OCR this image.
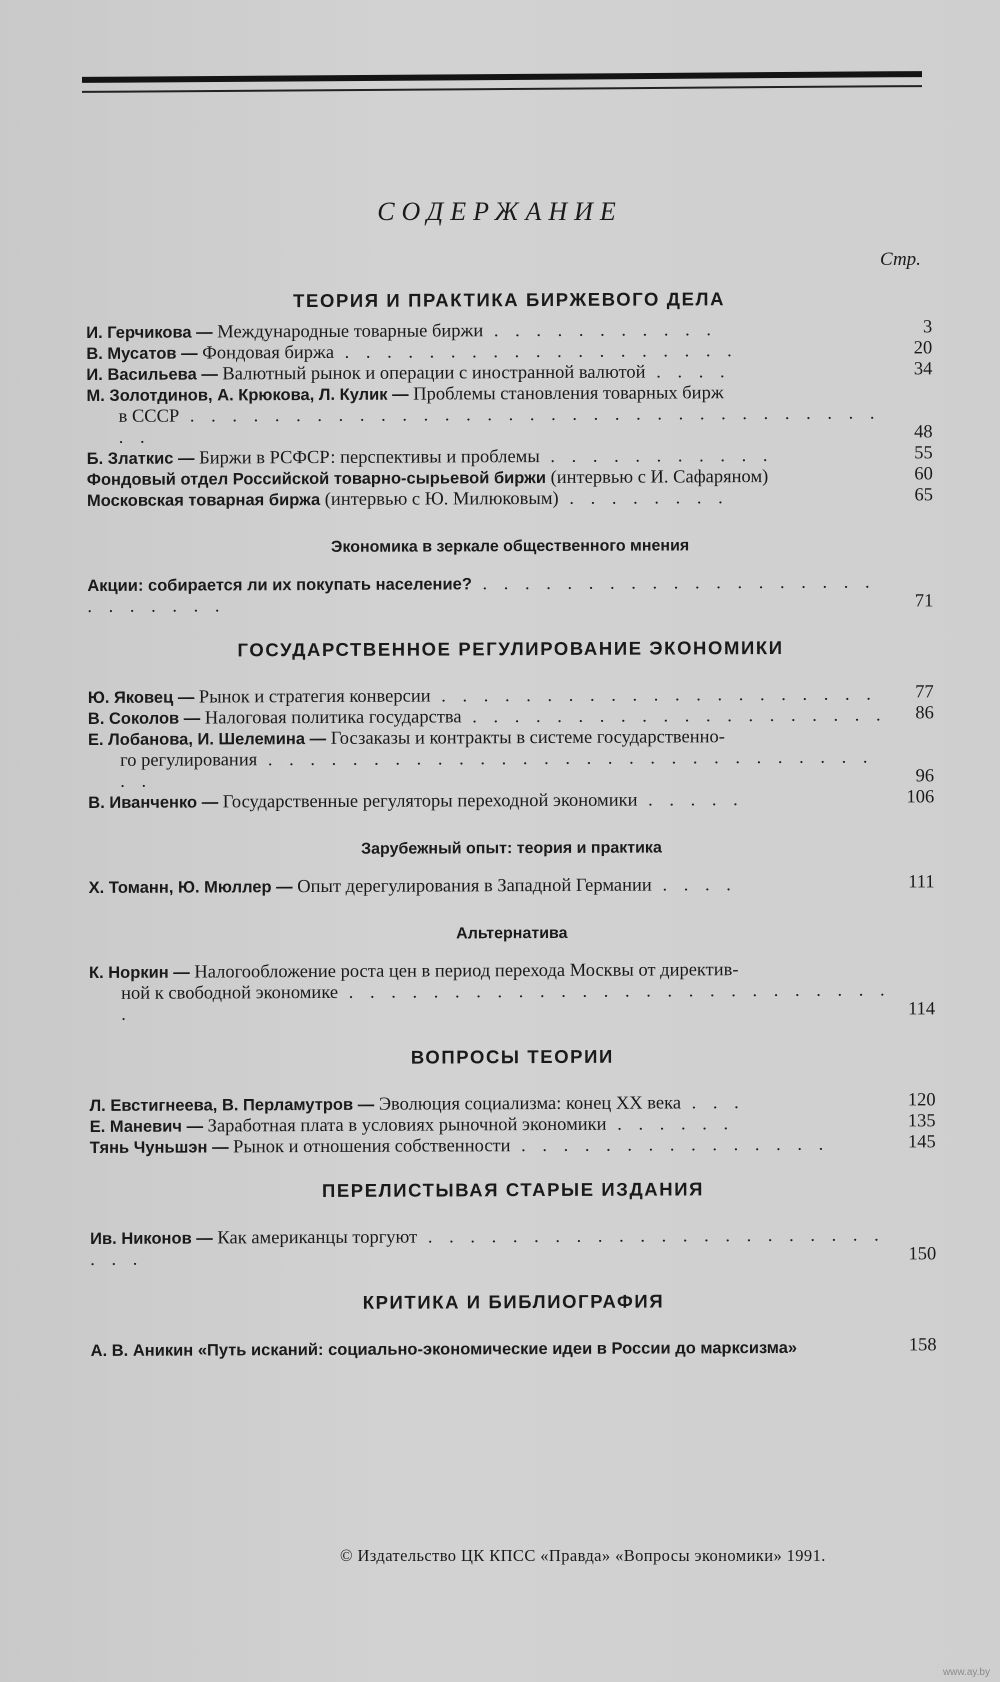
СОДЕРЖАНИЕ
Стр.
ТЕОРИЯ И ПРАКТИКА БИРЖЕВОГО ДЕЛА

И. Герчикова — Международные товарные биржи . . . . . . . . . . .	3

В. Мусатов — Фондовая биржа . . . . . . . . . . . . . . . . . . .	20

И. Васильева — Валютный рынок и операции с иностранной валютой . . . .	34

М. Золотдинов, А. Крюкова, Л. Кулик — Проблемы становления товарных бирж
в СССР . . . . . . . . . . . . . . . . . . . . . . . . . . . . . . . . . . .	48

Б. Златкис — Биржи в РСФСР: перспективы и проблемы . . . . . . . . . . .	55

Фондовый отдел Российской товарно-сырьевой биржи (интервью с И. Сафаряном)	60

Московская товарная биржа (интервью с Ю. Милюковым) . . . . . . . .	65

Экономика в зеркале общественного мнения

Акции: собирается ли их покупать население? . . . . . . . . . . . . . . . . . . . . . . . . . .	71

ГОСУДАРСТВЕННОЕ РЕГУЛИРОВАНИЕ ЭКОНОМИКИ

Ю. Яковец — Рынок и стратегия конверсии . . . . . . . . . . . . . . . . . . . . . 77

В. Соколов — Налоговая политика государства . . . . . . . . . . . . . . . . . . . . 86

Е. Лобанова, И. Шелемина — Госзаказы и контракты в системе государственно-
го регулирования . . . . . . . . . . . . . . . . . . . . . . . . . . . . . . .	96

В. Иванченко — Государственные регуляторы переходной экономики . . . . .	106

Зарубежный опыт: теория и практика

Х. Томанн, Ю. Мюллер — Опыт дерегулирования в Западной Германии . . . .	111

Альтернатива

К. Норкин — Налогообложение роста цен в период перехода Москвы от директив-
ной к свободной экономике . . . . . . . . . . . . . . . . . . . . . . . . . . .	114

ВОПРОСЫ ТЕОРИИ

Л. Евстигнеева, В. Перламутров — Эволюция социализма: конец XX века . . .	120

Е. Маневич — Заработная плата в условиях рыночной экономики . . . . . .	135

Тянь Чуньшэн — Рынок и отношения собственности . . . . . . . . . . . . . . .	145

ПЕРЕЛИСТЫВАЯ СТАРЫЕ ИЗДАНИЯ

Ив. Никонов — Как американцы торгуют . . . . . . . . . . . . . . . . . . . . . . . . .	150

КРИТИКА И БИБЛИОГРАФИЯ

А. В. Аникин «Путь исканий: социально-экономические идеи в России до марксизма»	158

© Издательство ЦК КПСС «Правда» «Вопросы экономики» 1991.
www.ay.by
